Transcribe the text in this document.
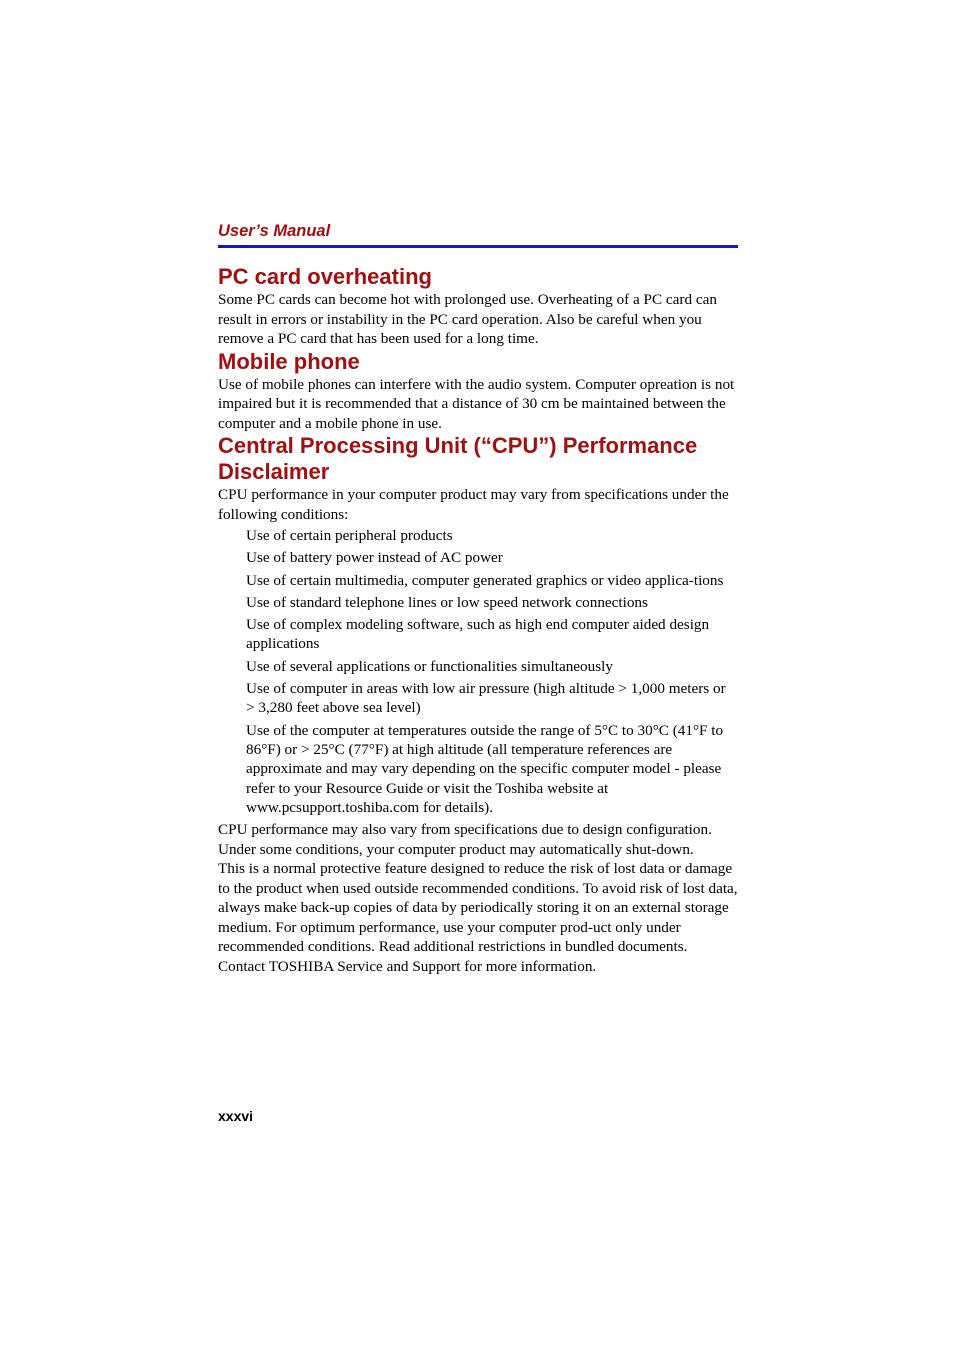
User’s Manual
PC card overheating

Some PC cards can become hot with prolonged use. Overheating of a PC card can result in errors or instability in the PC card operation. Also be careful when you remove a PC card that has been used for a long time.

Mobile phone

Use of mobile phones can interfere with the audio system. Computer opreation is not impaired but it is recommended that a distance of 30 cm be maintained between the computer and a mobile phone in use.

Central Processing Unit (“CPU”) Performance Disclaimer

CPU performance in your computer product may vary from specifications under the following conditions:

Use of certain peripheral products
Use of battery power instead of AC power
Use of certain multimedia, computer generated graphics or video applica-tions
Use of standard telephone lines or low speed network connections
Use of complex modeling software, such as high end computer aided design applications
Use of several applications or functionalities simultaneously
Use of computer in areas with low air pressure (high altitude > 1,000 meters or > 3,280 feet above sea level)
Use of the computer at temperatures outside the range of 5°C to 30°C (41°F to 86°F) or > 25°C (77°F) at high altitude (all temperature references are approximate and may vary depending on the specific computer model - please refer to your Resource Guide or visit the Toshiba website at www.pcsupport.toshiba.com for details).

CPU performance may also vary from specifications due to design configuration.

Under some conditions, your computer product may automatically shut-down.

This is a normal protective feature designed to reduce the risk of lost data or damage to the product when used outside recommended conditions. To avoid risk of lost data, always make back-up copies of data by periodically storing it on an external storage medium. For optimum performance, use your computer prod-uct only under recommended conditions. Read additional restrictions in bundled documents. Contact TOSHIBA Service and Support for more information.

xxxvi
